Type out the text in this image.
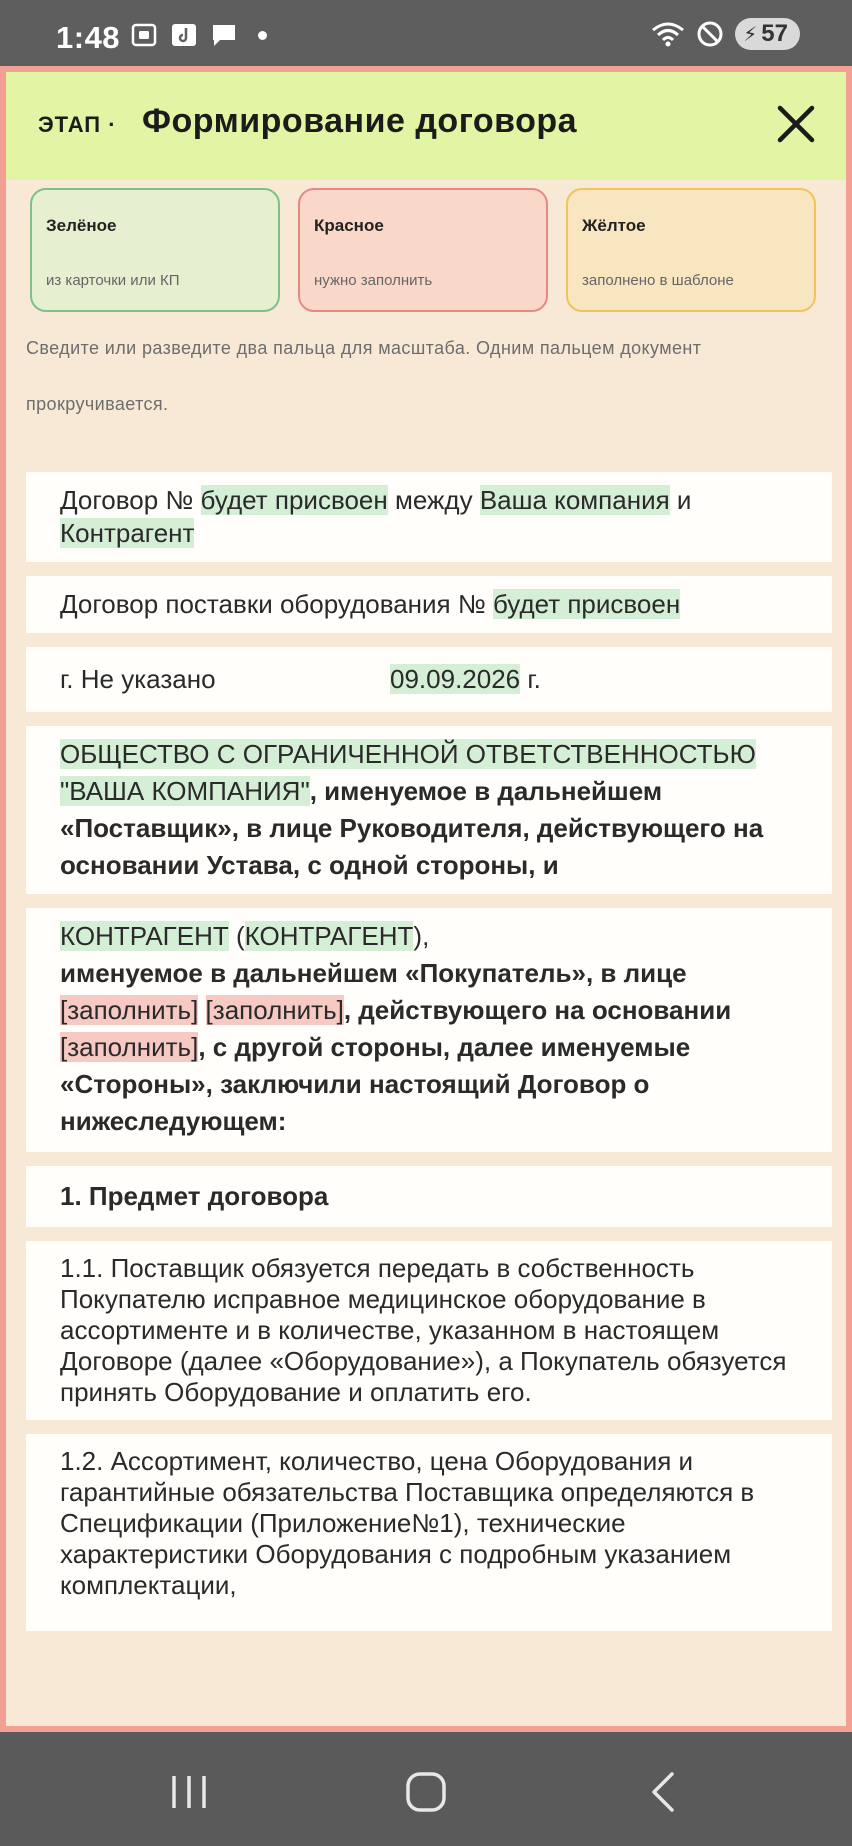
1:48	⚡ 57
ЭТАП · Формирование договора
Зелёное
из карточки или КП
Красное
нужно заполнить
Жёлтое
заполнено в шаблоне
Сведите или разведите два пальца для масштаба. Одним пальцем документ прокручивается.
Договор № будет присвоен между Ваша компания и Контрагент
Договор поставки оборудования № будет присвоен
г. Не указано	09.09.2026 г.
ОБЩЕСТВО С ОГРАНИЧЕННОЙ ОТВЕТСТВЕННОСТЬЮ "ВАША КОМПАНИЯ", именуемое в дальнейшем «Поставщик», в лице Руководителя, действующего на основании Устава, с одной стороны, и
КОНТРАГЕНТ (КОНТРАГЕНТ),
именуемое в дальнейшем «Покупатель», в лице [заполнить] [заполнить], действующего на основании [заполнить], с другой стороны, далее именуемые «Стороны», заключили настоящий Договор о нижеследующем:
1. Предмет договора
1.1. Поставщик обязуется передать в собственность Покупателю исправное медицинское оборудование в ассортименте и в количестве, указанном в настоящем Договоре (далее «Оборудование»), а Покупатель обязуется принять Оборудование и оплатить его.
1.2. Ассортимент, количество, цена Оборудования и гарантийные обязательства Поставщика определяются в Спецификации (Приложение№1), технические характеристики Оборудования с подробным указанием комплектации,
